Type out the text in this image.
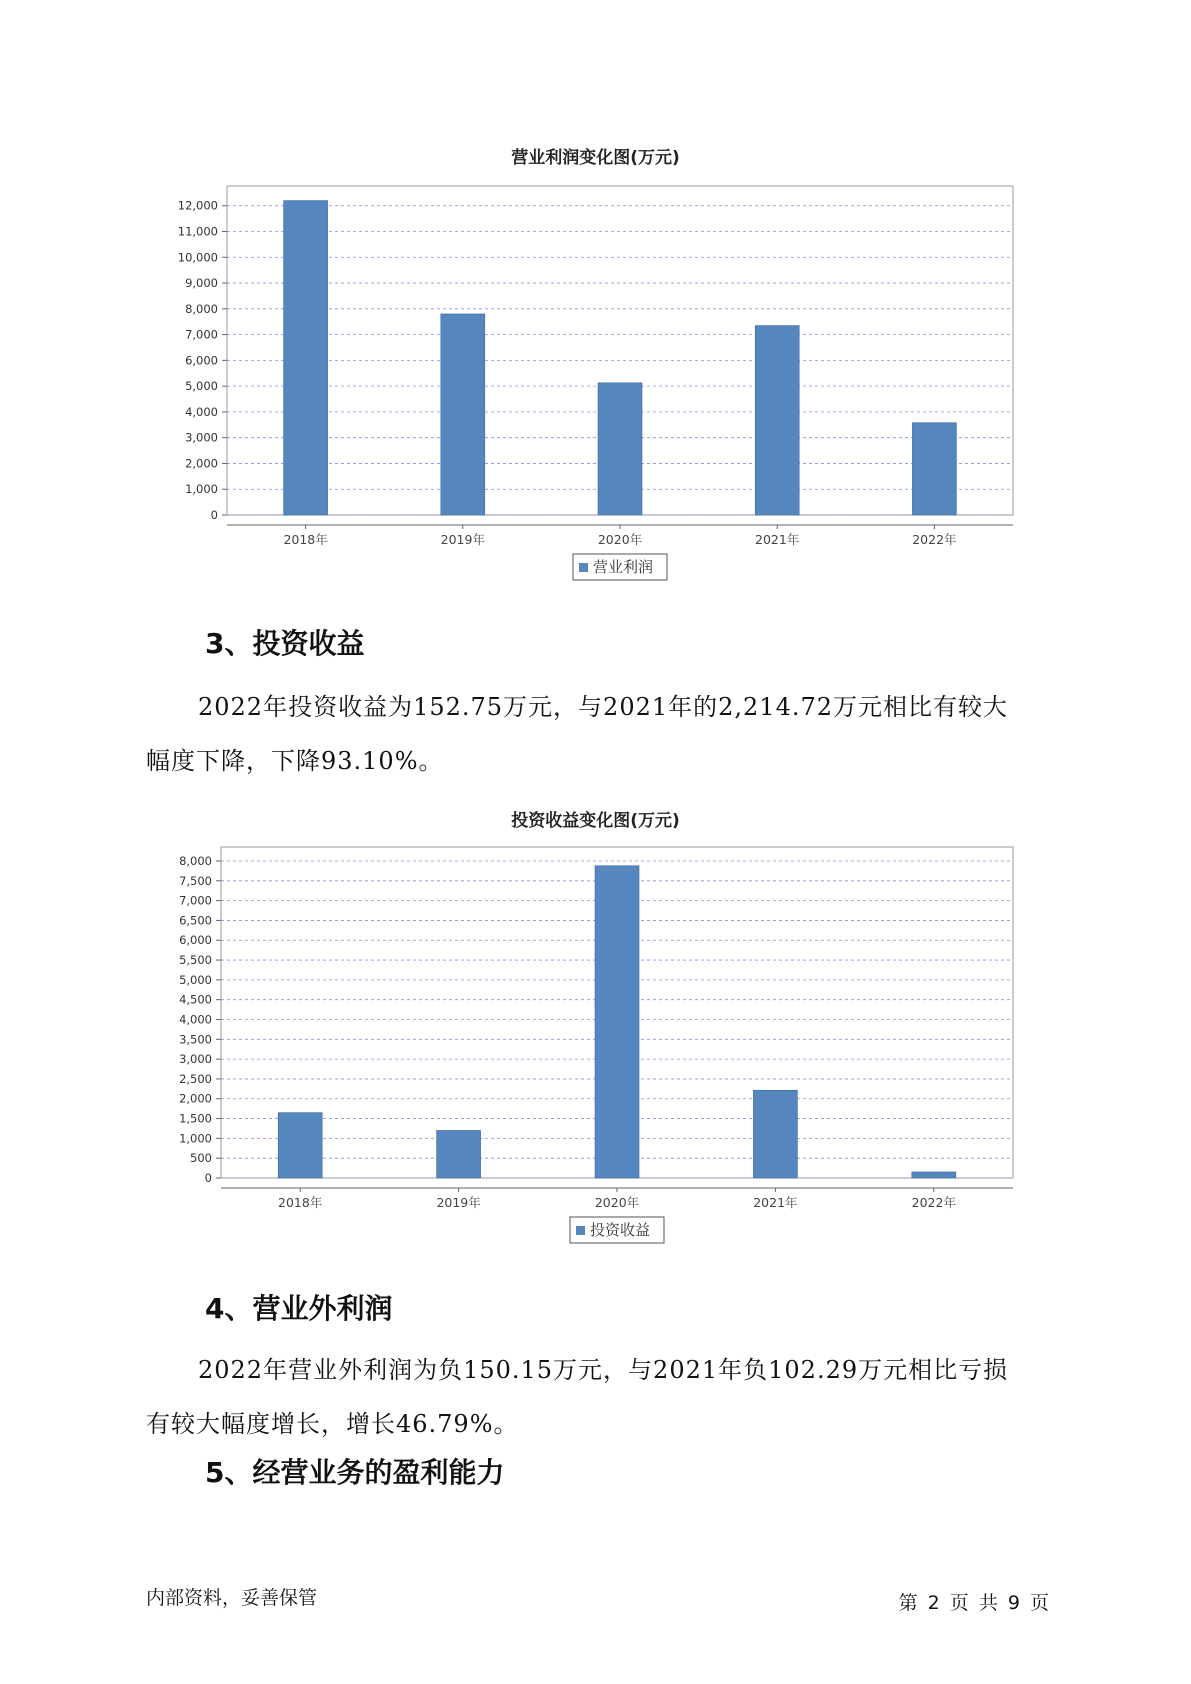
营业利润变化图(万元)
0
1,000
2,000
3,000
4,000
5,000
6,000
7,000
8,000
9,000
10,000
11,000
12,000
2018年	2019年	2020年	2021年	2022年
营业利润
3、投资收益
2022年投资收益为152.75万元，与2021年的2,214.72万元相比有较大
幅度下降，下降93.10%。
投资收益变化图(万元)
0
500
1,000
1,500
2,000
2,500
3,000
3,500
4,000
4,500
5,000
5,500
6,000
6,500
7,000
7,500
8,000
2018年	2019年	2020年	2021年	2022年
投资收益
4、营业外利润
2022年营业外利润为负150.15万元，与2021年负102.29万元相比亏损
有较大幅度增长，增长46.79%。
5、经营业务的盈利能力
内部资料，妥善保管	第 2 页 共 9 页
